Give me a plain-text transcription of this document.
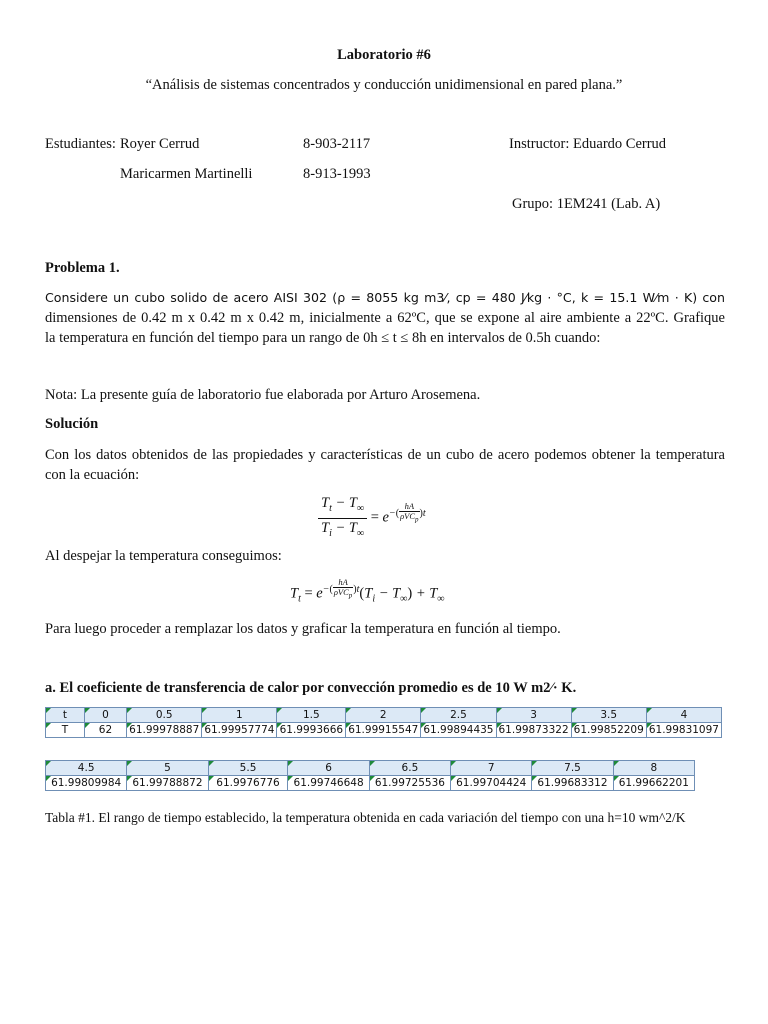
Laboratorio #6
“Análisis de sistemas concentrados y conducción unidimensional en pared plana.”
Estudiantes: Royer Cerrud	8-903-2117	Instructor: Eduardo Cerrud
Maricarmen Martinelli	8-913-1993
Grupo: 1EM241 (Lab. A)
Problema 1.
Considere un cubo solido de acero AISI 302 (ρ = 8055 kg m3⁄, cp = 480 J⁄kg · °C, k = 15.1 W⁄m · K) con
dimensiones de 0.42 m x 0.42 m x 0.42 m, inicialmente a 62ºC, que se expone al aire ambiente a 22ºC. Grafique
la temperatura en función del tiempo para un rango de 0h ≤ t ≤ 8h en intervalos de 0.5h cuando:
Nota: La presente guía de laboratorio fue elaborada por Arturo Arosemena.
Solución
Con los datos obtenidos de las propiedades y características de un cubo de acero podemos obtener la temperatura
con la ecuación:
$\frac{T_t - T_\infty}{T_i - T_\infty} = e^{-( hA \rho VC_p )t}$
Al despejar la temperatura conseguimos:
$T_t = e^{-( hA \rho VC_p )t}(T_i - T_\infty) + T_\infty$
Para luego proceder a remplazar los datos y graficar la temperatura en función al tiempo.
a. El coeficiente de transferencia de calor por convección promedio es de 10 W m2⁄· K.
t	0	0.5	1	1.5	2	2.5	3	3.5	4

T	62	61.99978887	61.99957774	61.9993666	61.99915547	61.99894435	61.99873322	61.99852209	61.99831097
4.5	5	5.5	6	6.5	7	7.5	8

61.99809984	61.99788872	61.9976776	61.99746648	61.99725536	61.99704424	61.99683312	61.99662201
Tabla #1. El rango de tiempo establecido, la temperatura obtenida en cada variación del tiempo con una h=10 wm^2/K
